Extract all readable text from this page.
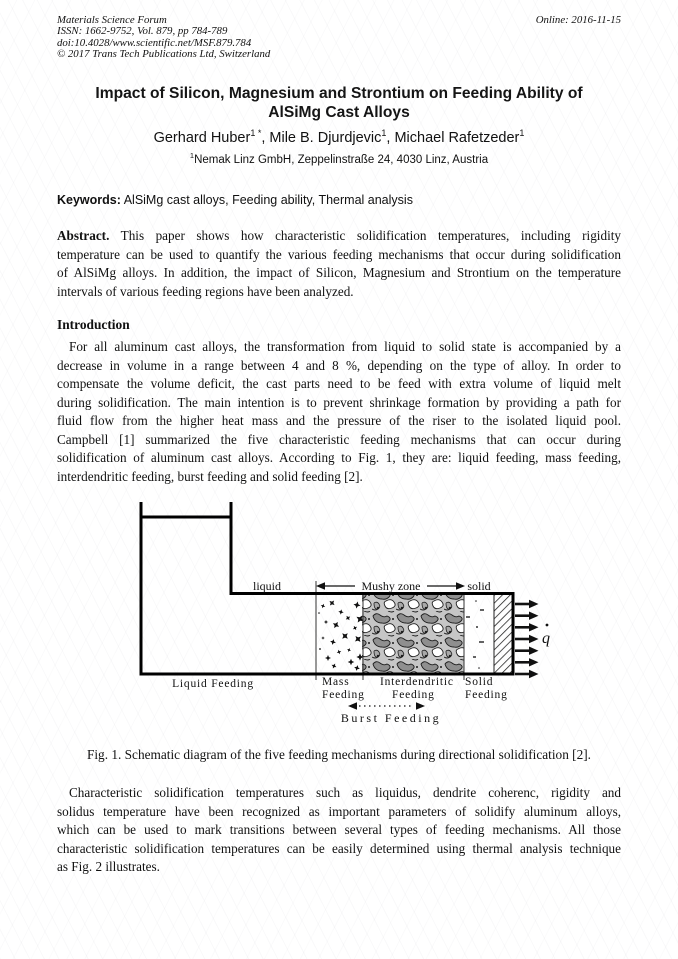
Materials Science Forum
ISSN: 1662-9752, Vol. 879, pp 784-789
doi:10.4028/www.scientific.net/MSF.879.784
© 2017 Trans Tech Publications Ltd, Switzerland
Online: 2016-11-15
Impact of Silicon, Magnesium and Strontium on Feeding Ability of
AlSiMg Cast Alloys
Gerhard Huber$^{1 *}$, Mile B. Djurdjevic$^1$, Michael Rafetzeder$^1$
$^1$Nemak Linz GmbH, Zeppelinstraße 24, 4030 Linz, Austria
Keywords: AlSiMg cast alloys, Feeding ability, Thermal analysis
Abstract. This paper shows how characteristic solidification temperatures, including rigidity
temperature can be used to quantify the various feeding mechanisms that occur during solidification
of AlSiMg alloys. In addition, the impact of Silicon, Magnesium and Strontium on the temperature
intervals of various feeding regions have been analyzed.
Introduction
For all aluminum cast alloys, the transformation from liquid to solid state is accompanied by a
decrease in volume in a range between 4 and 8 %, depending on the type of alloy. In order to
compensate the volume deficit, the cast parts need to be feed with extra volume of liquid melt
during solidification. The main intention is to prevent shrinkage formation by providing a path for
fluid flow from the higher heat mass and the pressure of the riser to the isolated liquid pool.
Campbell [1] summarized the five characteristic feeding mechanisms that can occur during
solidification of aluminum cast alloys. According to Fig. 1, they are: liquid feeding, mass feeding,
interdendritic feeding, burst feeding and solid feeding [2].
q
liquid	Mushy zone	solid
Liquid Feeding	Mass
Feeding
Interdendritic
Feeding
Solid
Feeding
Burst Feeding
Fig. 1. Schematic diagram of the five feeding mechanisms during directional solidification [2].
Characteristic solidification temperatures such as liquidus, dendrite coherenc, rigidity and
solidus temperature have been recognized as important parameters of solidify aluminum alloys,
which can be used to mark transitions between several types of feeding mechanisms. All those
characteristic solidification temperatures can be easily determined using thermal analysis technique
as Fig. 2 illustrates.
